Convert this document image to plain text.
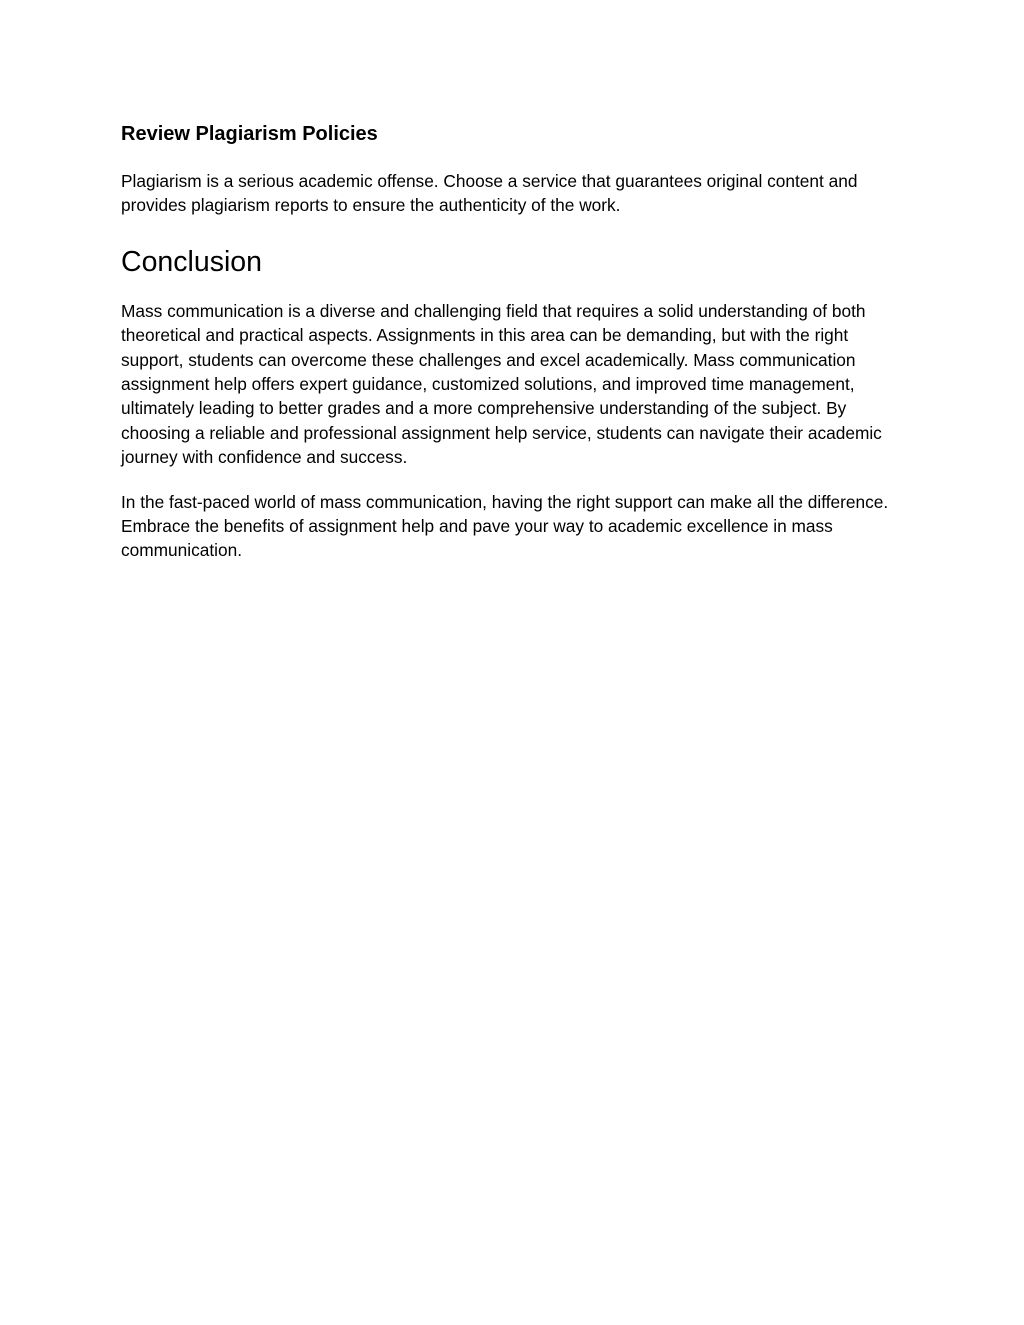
Review Plagiarism Policies

Plagiarism is a serious academic offense. Choose a service that guarantees original content and provides plagiarism reports to ensure the authenticity of the work.

Conclusion

Mass communication is a diverse and challenging field that requires a solid understanding of both theoretical and practical aspects. Assignments in this area can be demanding, but with the right support, students can overcome these challenges and excel academically. Mass communication assignment help offers expert guidance, customized solutions, and improved time management, ultimately leading to better grades and a more comprehensive understanding of the subject. By choosing a reliable and professional assignment help service, students can navigate their academic journey with confidence and success.

In the fast-paced world of mass communication, having the right support can make all the difference. Embrace the benefits of assignment help and pave your way to academic excellence in mass communication.
